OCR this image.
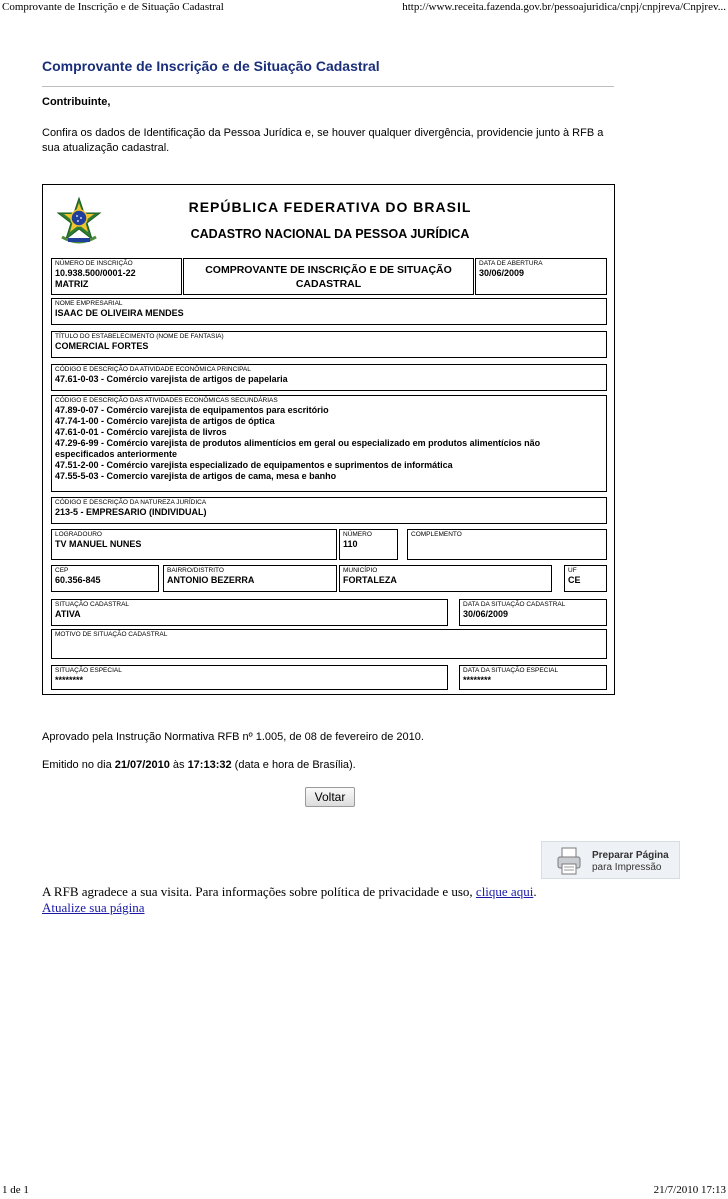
Comprovante de Inscrição e de Situação Cadastral	http://www.receita.fazenda.gov.br/pessoajuridica/cnpj/cnpjreva/Cnpjrev...
Comprovante de Inscrição e de Situação Cadastral
Contribuinte,
Confira os dados de Identificação da Pessoa Jurídica e, se houver qualquer divergência, providencie junto à RFB a sua atualização cadastral.
REPÚBLICA FEDERATIVA DO BRASIL
CADASTRO NACIONAL DA PESSOA JURÍDICA
NÚMERO DE INSCRIÇÃO
10.938.500/0001-22
MATRIZ
COMPROVANTE DE INSCRIÇÃO E DE SITUAÇÃO CADASTRAL
DATA DE ABERTURA
30/06/2009
NOME EMPRESARIAL
ISAAC DE OLIVEIRA MENDES
TÍTULO DO ESTABELECIMENTO (NOME DE FANTASIA)
COMERCIAL FORTES
CÓDIGO E DESCRIÇÃO DA ATIVIDADE ECONÔMICA PRINCIPAL
47.61-0-03 - Comércio varejista de artigos de papelaria
CÓDIGO E DESCRIÇÃO DAS ATIVIDADES ECONÔMICAS SECUNDÁRIAS
47.89-0-07 - Comércio varejista de equipamentos para escritório
47.74-1-00 - Comércio varejista de artigos de óptica
47.61-0-01 - Comércio varejista de livros
47.29-6-99 - Comércio varejista de produtos alimentícios em geral ou especializado em produtos alimentícios não especificados anteriormente
47.51-2-00 - Comércio varejista especializado de equipamentos e suprimentos de informática
47.55-5-03 - Comercio varejista de artigos de cama, mesa e banho
CÓDIGO E DESCRIÇÃO DA NATUREZA JURÍDICA
213-5 - EMPRESARIO (INDIVIDUAL)
LOGRADOURO
TV MANUEL NUNES
NÚMERO
110
COMPLEMENTO
CEP
60.356-845
BAIRRO/DISTRITO
ANTONIO BEZERRA
MUNICÍPIO
FORTALEZA
UF
CE
SITUAÇÃO CADASTRAL
ATIVA
DATA DA SITUAÇÃO CADASTRAL
30/06/2009
MOTIVO DE SITUAÇÃO CADASTRAL
SITUAÇÃO ESPECIAL
********
DATA DA SITUAÇÃO ESPECIAL
********
Aprovado pela Instrução Normativa RFB nº 1.005, de 08 de fevereiro de 2010.
Emitido no dia 21/07/2010 às 17:13:32 (data e hora de Brasília).
Voltar
Preparar Página
para Impressão
A RFB agradece a sua visita. Para informações sobre política de privacidade e uso, clique aqui.
Atualize sua página
1 de 1	21/7/2010 17:13
